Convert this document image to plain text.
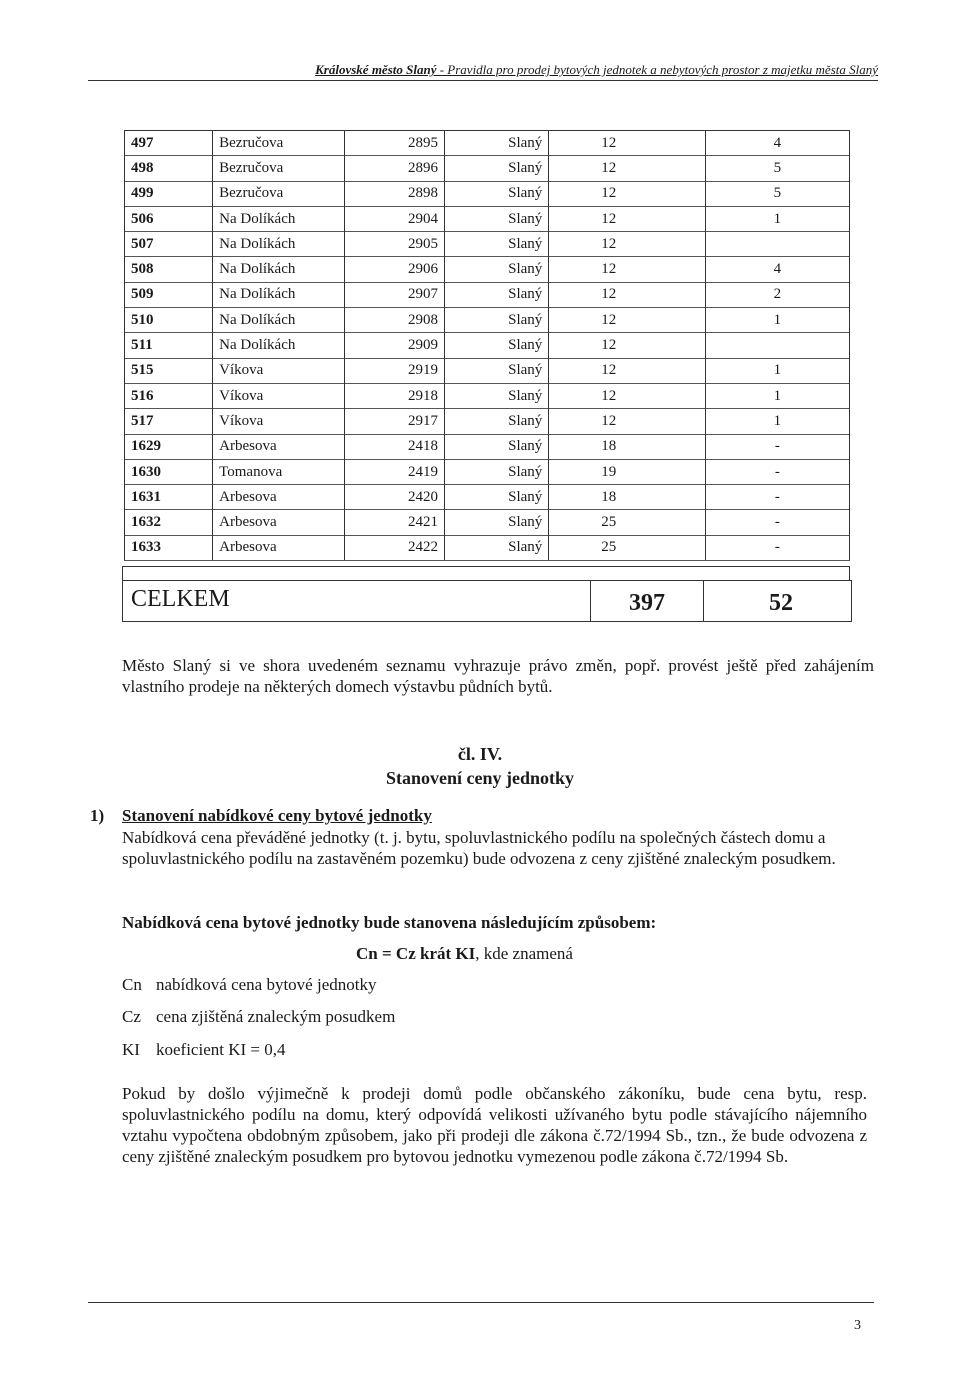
Královské město Slaný - Pravidla pro prodej bytových jednotek a nebytových prostor z majetku města Slaný
497	Bezručova	2895	Slaný	12	4
498	Bezručova	2896	Slaný	12	5
499	Bezručova	2898	Slaný	12	5
506	Na Dolíkách	2904	Slaný	12	1
507	Na Dolíkách	2905	Slaný	12	
508	Na Dolíkách	2906	Slaný	12	4
509	Na Dolíkách	2907	Slaný	12	2
510	Na Dolíkách	2908	Slaný	12	1
511	Na Dolíkách	2909	Slaný	12	
515	Víkova	2919	Slaný	12	1
516	Víkova	2918	Slaný	12	1
517	Víkova	2917	Slaný	12	1
1629	Arbesova	2418	Slaný	18	-
1630	Tomanova	2419	Slaný	19	-
1631	Arbesova	2420	Slaný	18	-
1632	Arbesova	2421	Slaný	25	-
1633	Arbesova	2422	Slaný	25	-
CELKEM	397	52
Město Slaný si ve shora uvedeném seznamu vyhrazuje právo změn, popř. provést ještě před zahájením vlastního prodeje na některých domech výstavbu půdních bytů.
čl. IV.
Stanovení ceny jednotky
1) Stanovení nabídkové ceny bytové jednotky
Nabídková cena převáděné jednotky (t. j. bytu, spoluvlastnického podílu na společných částech domu a spoluvlastnického podílu na zastavěném pozemku) bude odvozena z ceny zjištěné znaleckým posudkem.
Nabídková cena bytové jednotky bude stanovena následujícím způsobem:
Cn = Cz krát KI, kde znamená
Cn nabídková cena bytové jednotky
Cz cena zjištěná znaleckým posudkem
KI koeficient KI = 0,4
Pokud by došlo výjimečně k prodeji domů podle občanského zákoníku, bude cena bytu, resp. spoluvlastnického podílu na domu, který odpovídá velikosti užívaného bytu podle stávajícího nájemního vztahu vypočtena obdobným způsobem, jako při prodeji dle zákona č.72/1994 Sb., tzn., že bude odvozena z ceny zjištěné znaleckým posudkem pro bytovou jednotku vymezenou podle zákona č.72/1994 Sb.
3
